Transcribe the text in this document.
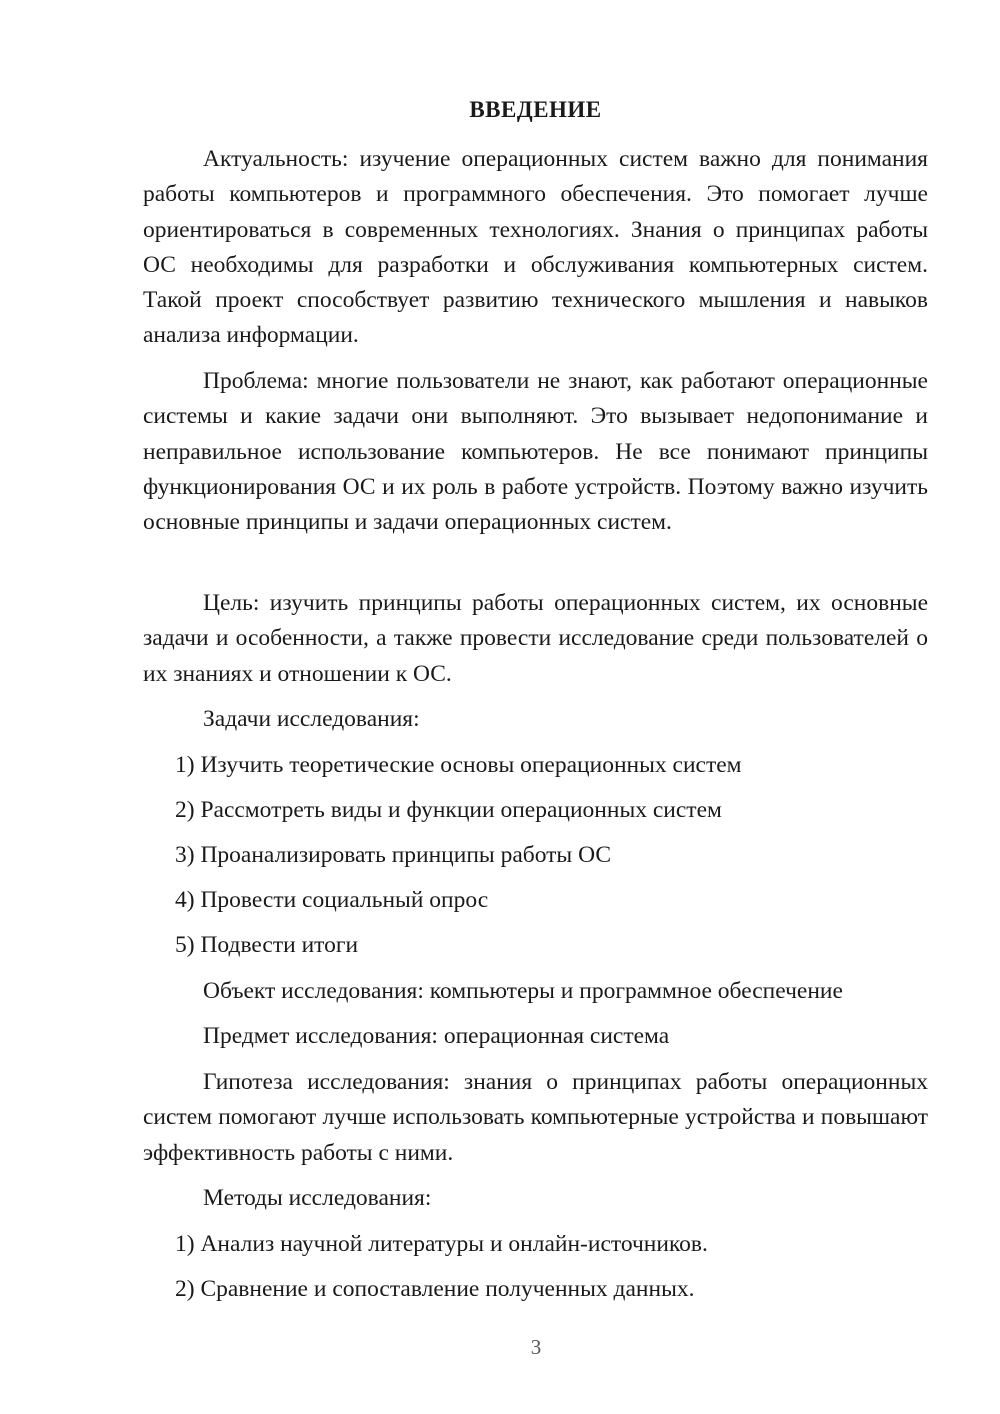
ВВЕДЕНИЕ

Актуальность: изучение операционных систем важно для понимания работы компьютеров и программного обеспечения. Это помогает лучше ориентироваться в современных технологиях. Знания о принципах работы ОС необходимы для разработки и обслуживания компьютерных систем. Такой проект способствует развитию технического мышления и навыков анализа информации.

Проблема: многие пользователи не знают, как работают операционные системы и какие задачи они выполняют. Это вызывает недопонимание и неправильное использование компьютеров. Не все понимают принципы функционирования ОС и их роль в работе устройств. Поэтому важно изучить основные принципы и задачи операционных систем.

Цель: изучить принципы работы операционных систем, их основные задачи и особенности, а также провести исследование среди пользователей о их знаниях и отношении к ОС.

Задачи исследования:

1) Изучить теоретические основы операционных систем

2) Рассмотреть виды и функции операционных систем

3) Проанализировать принципы работы ОС

4) Провести социальный опрос

5) Подвести итоги

Объект исследования: компьютеры и программное обеспечение

Предмет исследования: операционная система

Гипотеза исследования: знания о принципах работы операционных систем помогают лучше использовать компьютерные устройства и повышают эффективность работы с ними.

Методы исследования:

1) Анализ научной литературы и онлайн-источников.

2) Сравнение и сопоставление полученных данных.

3
